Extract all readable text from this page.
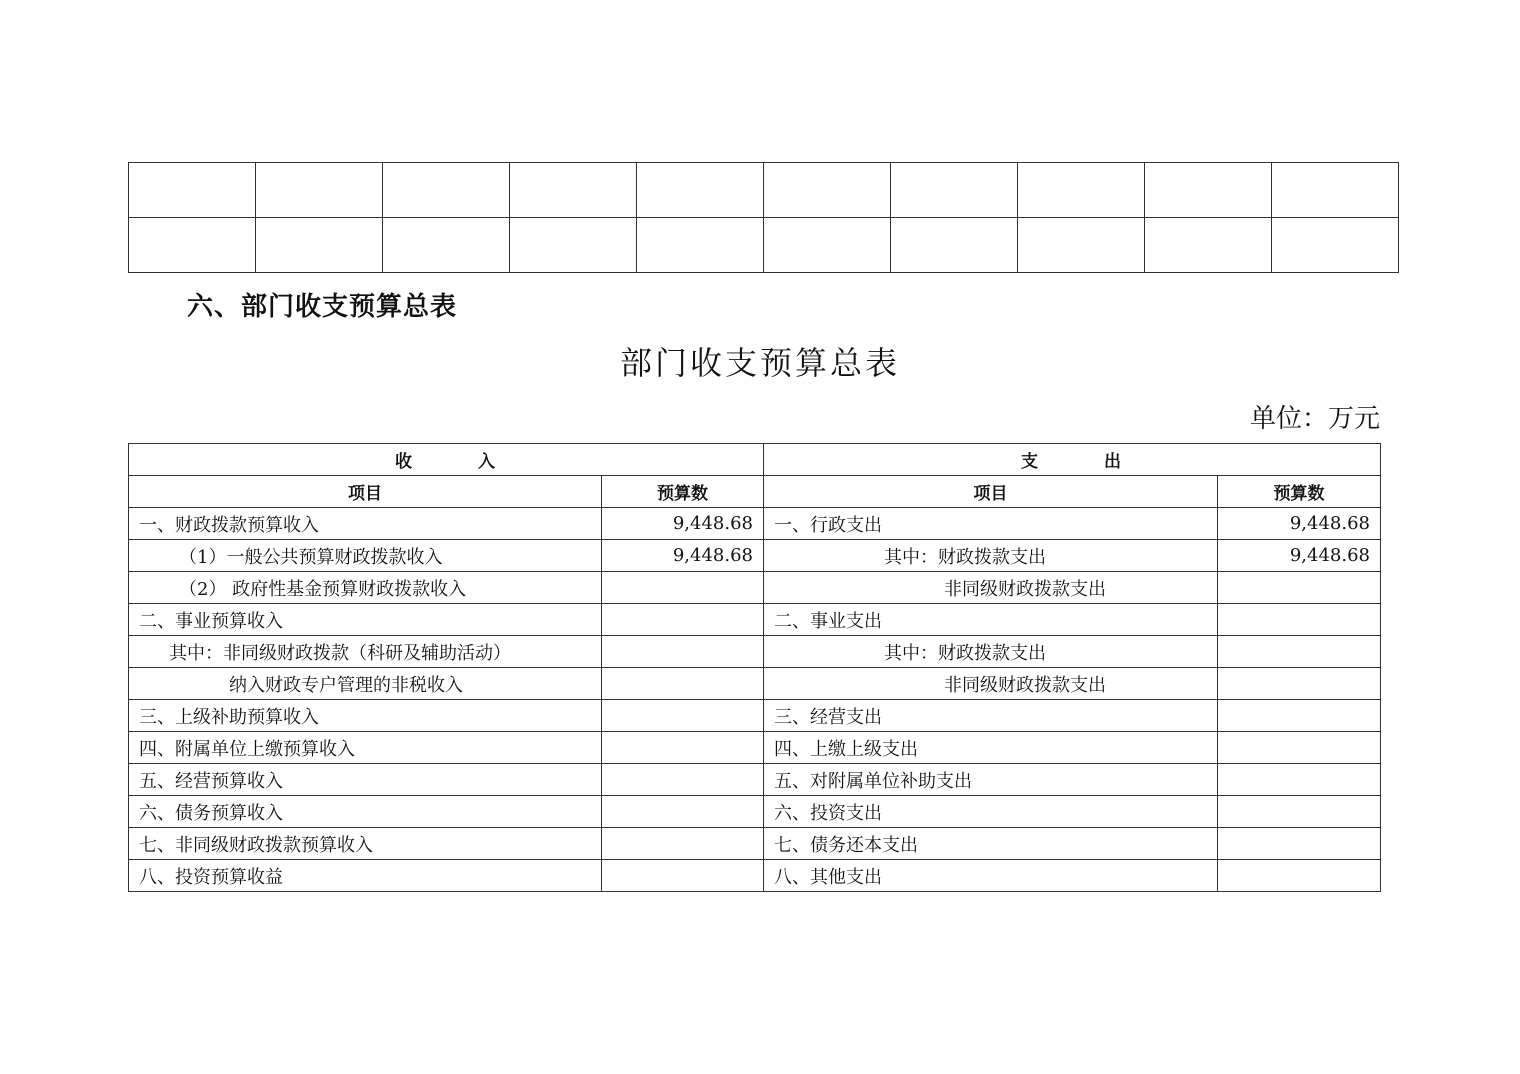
六、部门收支预算总表
部门收支预算总表
单位：万元
收 入		支 出	
项目	预算数	项目	预算数
一、财政拨款预算收入	9,448.68	一、行政支出	9,448.68
（1）一般公共预算财政拨款收入	9,448.68	其中：财政拨款支出	9,448.68
（2） 政府性基金预算财政拨款收入		非同级财政拨款支出	
二、事业预算收入		二、事业支出	
其中：非同级财政拨款（科研及辅助活动）		其中：财政拨款支出	
纳入财政专户管理的非税收入		非同级财政拨款支出	
三、上级补助预算收入		三、经营支出	
四、附属单位上缴预算收入		四、上缴上级支出	
五、经营预算收入		五、对附属单位补助支出	
六、债务预算收入		六、投资支出	
七、非同级财政拨款预算收入		七、债务还本支出	
八、投资预算收益		八、其他支出	
